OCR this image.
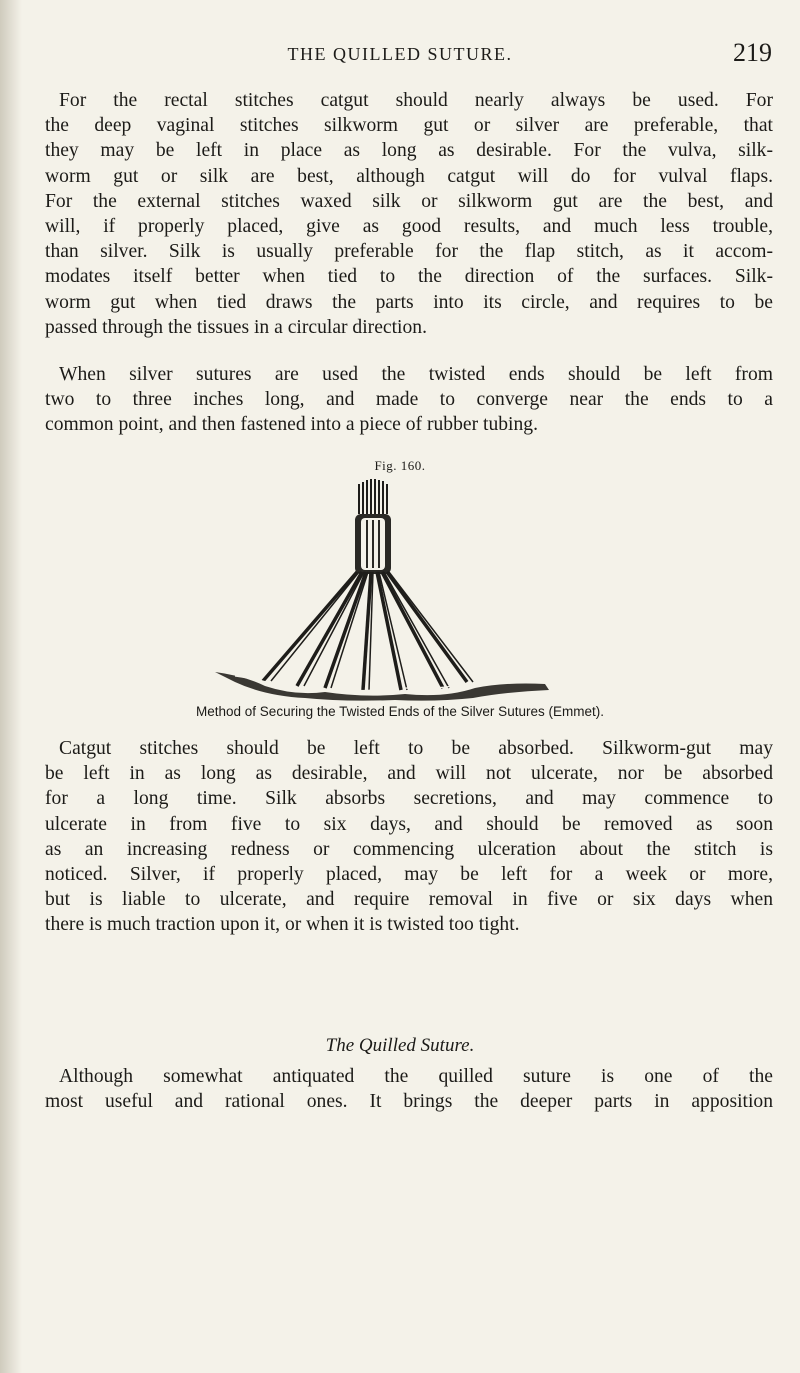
THE QUILLED SUTURE.	219

For the rectal stitches catgut should nearly always be used. For
the deep vaginal stitches silkworm gut or silver are preferable, that
they may be left in place as long as desirable. For the vulva, silk-
worm gut or silk are best, although catgut will do for vulval flaps.
For the external stitches waxed silk or silkworm gut are the best, and
will, if properly placed, give as good results, and much less trouble,
than silver. Silk is usually preferable for the flap stitch, as it accom-
modates itself better when tied to the direction of the surfaces. Silk-
worm gut when tied draws the parts into its circle, and requires to be
passed through the tissues in a circular direction.

When silver sutures are used the twisted ends should be left from
two to three inches long, and made to converge near the ends to a
common point, and then fastened into a piece of rubber tubing.

Fig. 160.
Method of Securing the Twisted Ends of the Silver Sutures (Emmet).

Catgut stitches should be left to be absorbed. Silkworm-gut may
be left in as long as desirable, and will not ulcerate, nor be absorbed
for a long time. Silk absorbs secretions, and may commence to
ulcerate in from five to six days, and should be removed as soon
as an increasing redness or commencing ulceration about the stitch is
noticed. Silver, if properly placed, may be left for a week or more,
but is liable to ulcerate, and require removal in five or six days when
there is much traction upon it, or when it is twisted too tight.

The Quilled Suture.

Although somewhat antiquated the quilled suture is one of the
most useful and rational ones. It brings the deeper parts in apposition
